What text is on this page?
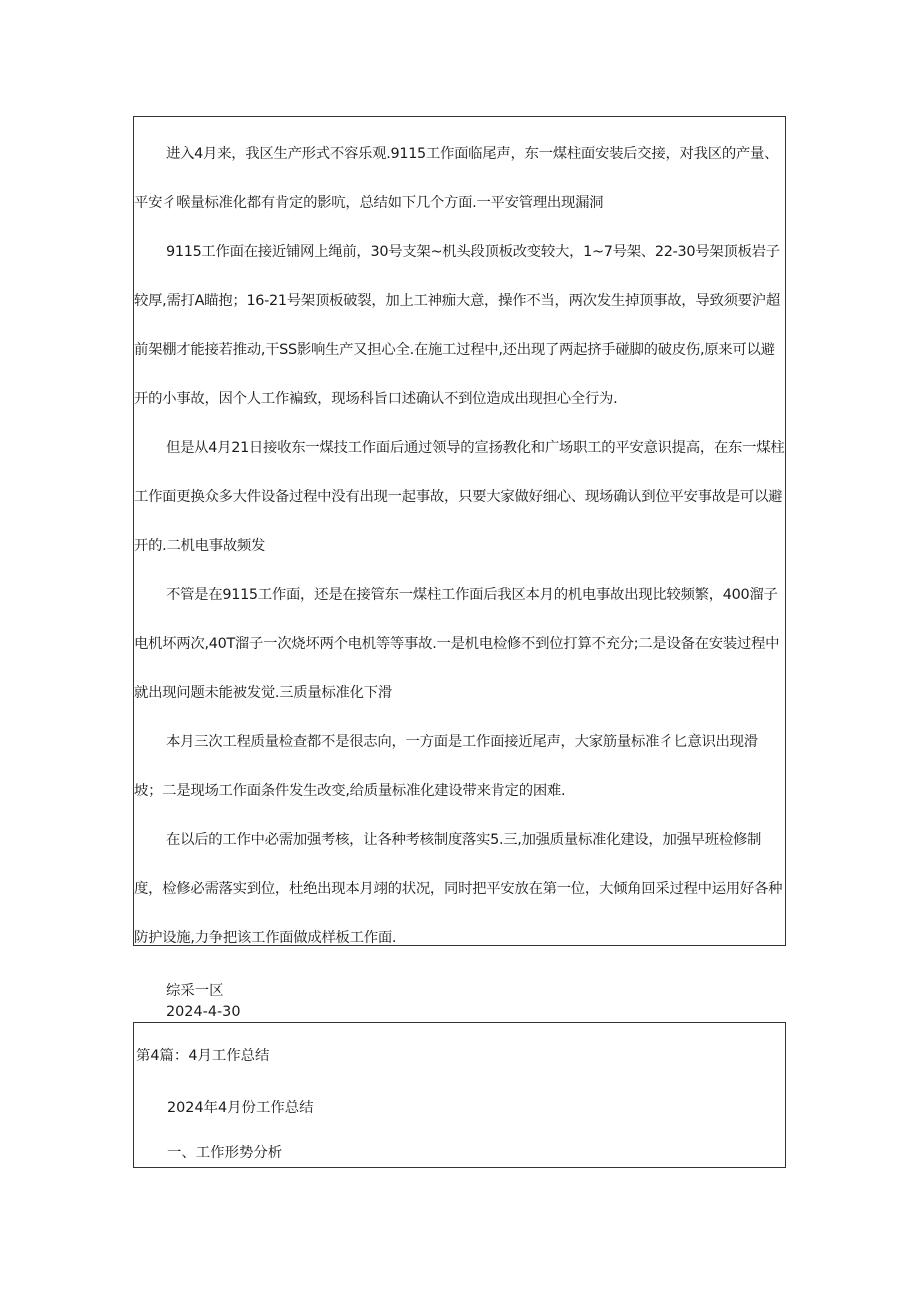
进入4月来，我区生产形式不容乐观.9115工作面临尾声，东一煤柱面安装后交接，对我区的产量、平安彳喉量标准化都有肯定的影吭，总结如下几个方面.一平安管理出现漏洞

9115工作面在接近铺网上绳前，30号支架~机头段顶板改变较大，1~7号架、22-30号架顶板岩子较厚,需打A瞄抱；16-21号架顶板破裂，加上工神痂大意，操作不当，两次发生掉顶事故，导致须要沪超前架棚才能接若推动,干SS影响生产又担心全.在施工过程中,还出现了两起挤手碰脚的破皮伤,原来可以避开的小事故，因个人工作褊致，现场科旨口述确认不到位造成出现担心全行为.

但是从4月21日接收东一煤技工作面后通过领导的宣扬教化和广场职工的平安意识提高，在东一煤柱工作面更换众多大件设备过程中没有出现一起事故，只要大家做好细心、现场确认到位平安事故是可以避开的.二机电事故频发

不管是在9115工作面，还是在接管东一煤柱工作面后我区本月的机电事故出现比较频繁，400溜子电机坏两次,40T溜子一次烧坏两个电机等等事故.一是机电检修不到位打算不充分;二是设备在安装过程中就出现问题未能被发觉.三质量标准化下滑

本月三次工程质量检查都不是很志向，一方面是工作面接近尾声，大家筋量标准彳匕意识出现滑坡；二是现场工作面条件发生改变,给质量标准化建设带来肯定的困难.

在以后的工作中必需加强考核，让各种考核制度落实5.三,加强质量标准化建设，加强早班检修制度，检修必需落实到位，杜绝出现本月翊的状况，同时把平安放在第一位，大倾角回采过程中运用好各种防护设施,力争把该工作面做成样板工作面.

综采一区
2024-4-30

第4篇：4月工作总结

2024年4月份工作总结

一、工作形势分析
